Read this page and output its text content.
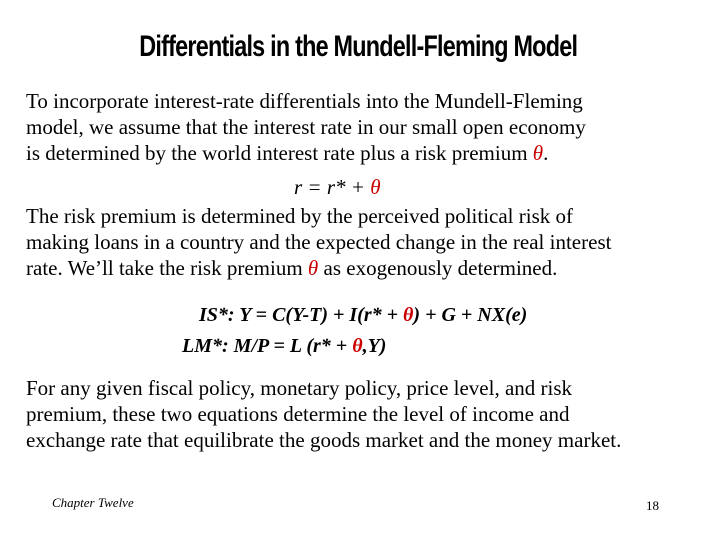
Differentials in the Mundell-Fleming Model
To incorporate interest-rate differentials into the Mundell-Fleming
model, we assume that the interest rate in our small open economy
is determined by the world interest rate plus a risk premium θ.
r = r* + θ
The risk premium is determined by the perceived political risk of
making loans in a country and the expected change in the real interest
rate. We’ll take the risk premium θ as exogenously determined.
IS*: Y = C(Y-T) + I(r* + θ) + G + NX(e)
LM*: M/P = L (r* + θ,Y)
For any given fiscal policy, monetary policy, price level, and risk
premium, these two equations determine the level of income and
exchange rate that equilibrate the goods market and the money market.
Chapter Twelve	18
